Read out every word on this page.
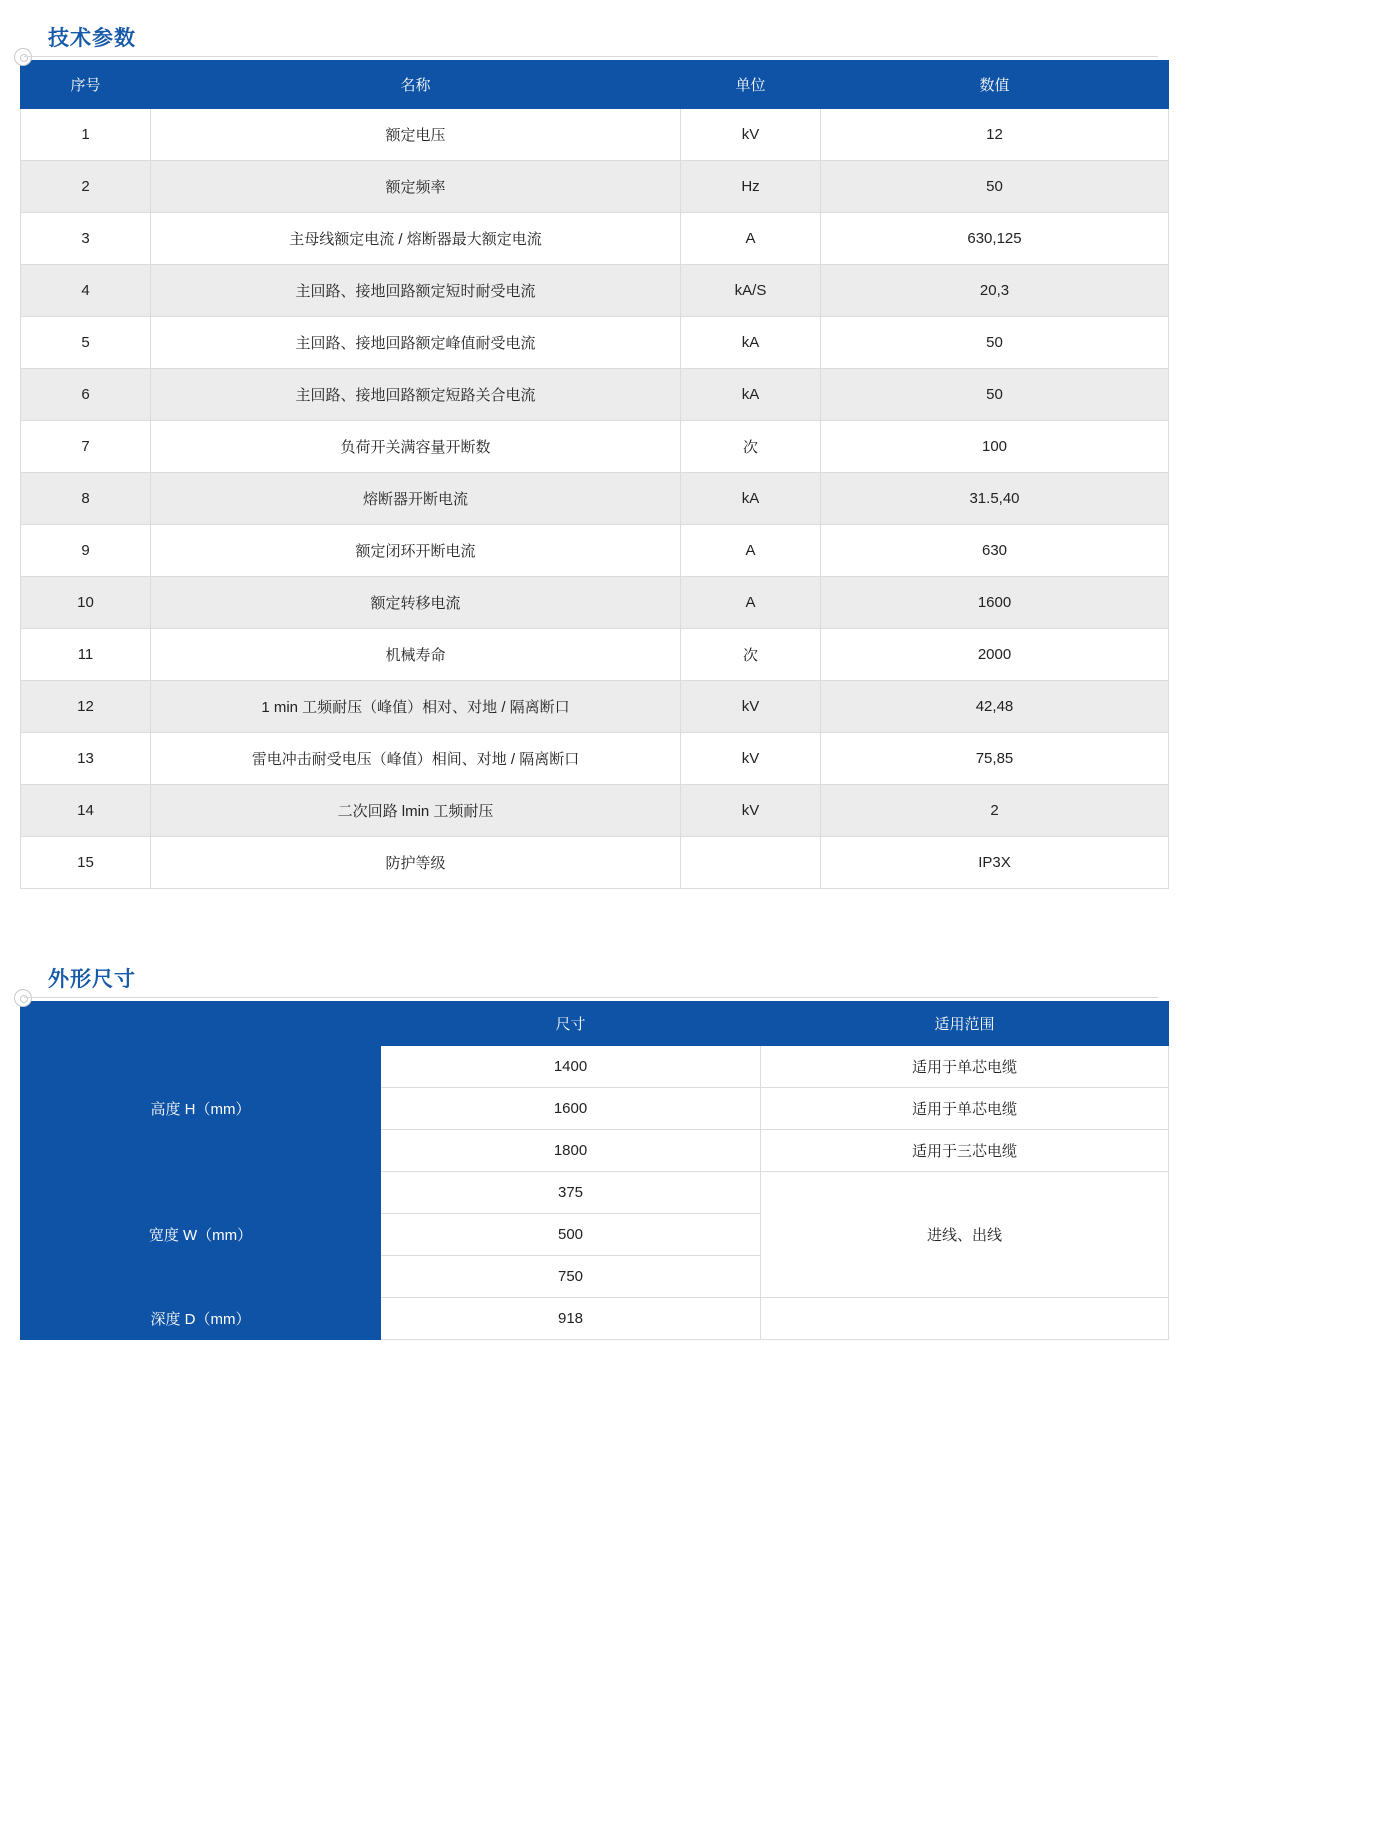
技术参数
序号	名称	单位	数值
1	额定电压	kV	12
2	额定频率	Hz	50
3	主母线额定电流 / 熔断器最大额定电流	A	630,125
4	主回路、接地回路额定短时耐受电流	kA/S	20,3
5	主回路、接地回路额定峰值耐受电流	kA	50
6	主回路、接地回路额定短路关合电流	kA	50
7	负荷开关满容量开断数	次	100
8	熔断器开断电流	kA	31.5,40
9	额定闭环开断电流	A	630
10	额定转移电流	A	1600
11	机械寿命	次	2000
12	1 min 工频耐压（峰值）相对、对地 / 隔离断口	kV	42,48
13	雷电冲击耐受电压（峰值）相间、对地 / 隔离断口	kV	75,85
14	二次回路 lmin 工频耐压	kV	2
15	防护等级		IP3X
外形尺寸
	尺寸	适用范围
高度 H（mm）	1400	适用于单芯电缆
	1600	适用于单芯电缆
	1800	适用于三芯电缆
宽度 W（mm）	375	进线、出线
	500	
	750	
深度 D（mm）	918	
